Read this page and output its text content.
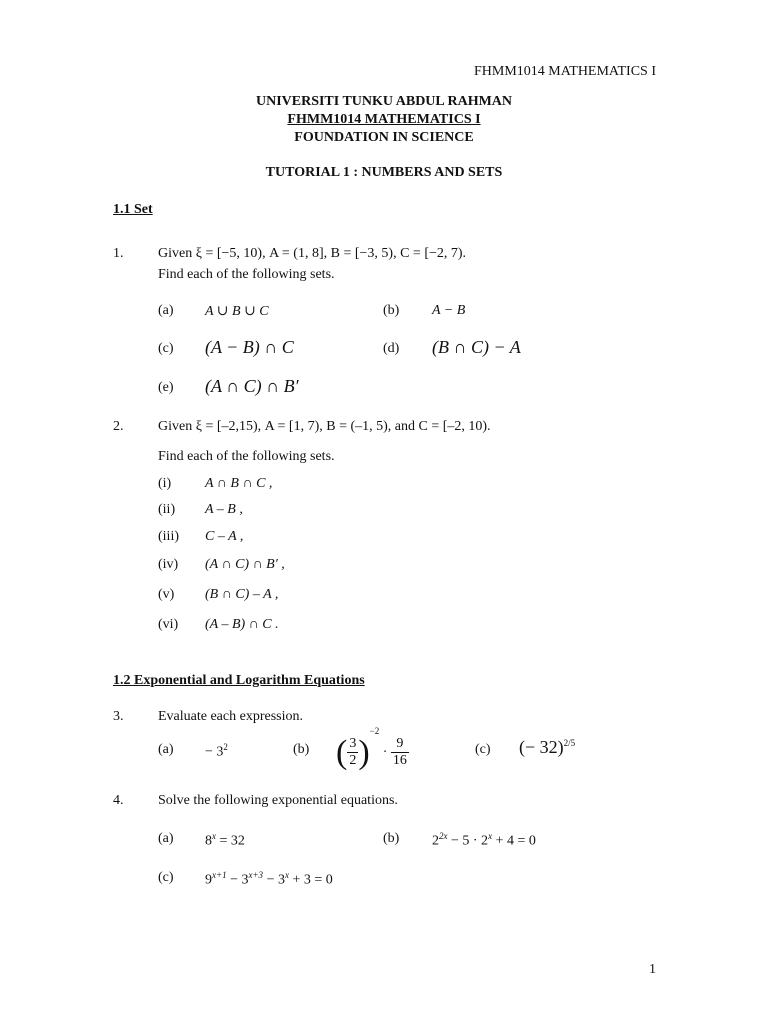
FHMM1014 MATHEMATICS I
UNIVERSITI TUNKU ABDUL RAHMAN
FHMM1014 MATHEMATICS I
FOUNDATION IN SCIENCE
TUTORIAL 1 : NUMBERS AND SETS
1.1 Set
1. Given ξ = [−5, 10), A = (1, 8], B = [−3, 5), C = [−2, 7).
Find each of the following sets.
(a) A ∪ B ∪ C	(b) A − B
(c) (A − B) ∩ C	(d) (B ∩ C) − A
(e) (A ∩ C) ∩ B′
2. Given ξ = [–2,15), A = [1, 7), B = (–1, 5), and C = [–2, 10).
Find each of the following sets.
(i) A ∩ B ∩ C ,
(ii) A – B ,
(iii) C – A ,
(iv) (A ∩ C) ∩ B′ ,
(v) (B ∩ C) – A ,
(vi) (A – B) ∩ C .
1.2 Exponential and Logarithm Equations
3. Evaluate each expression.
$(a) - 3^2$	(b) ( $\frac{3}{2} )^{-2} \cdot \frac{9}{16}$	(c) (− 32)$^{2/5}$
4. Solve the following exponential equations.
(a) $8^x = 32$	(b) $2^{2x} - 5 \cdot 2^x + 4 = 0$
(c) $9^{x+1} - 3^{x+3} - 3^x + 3 = 0$
1
